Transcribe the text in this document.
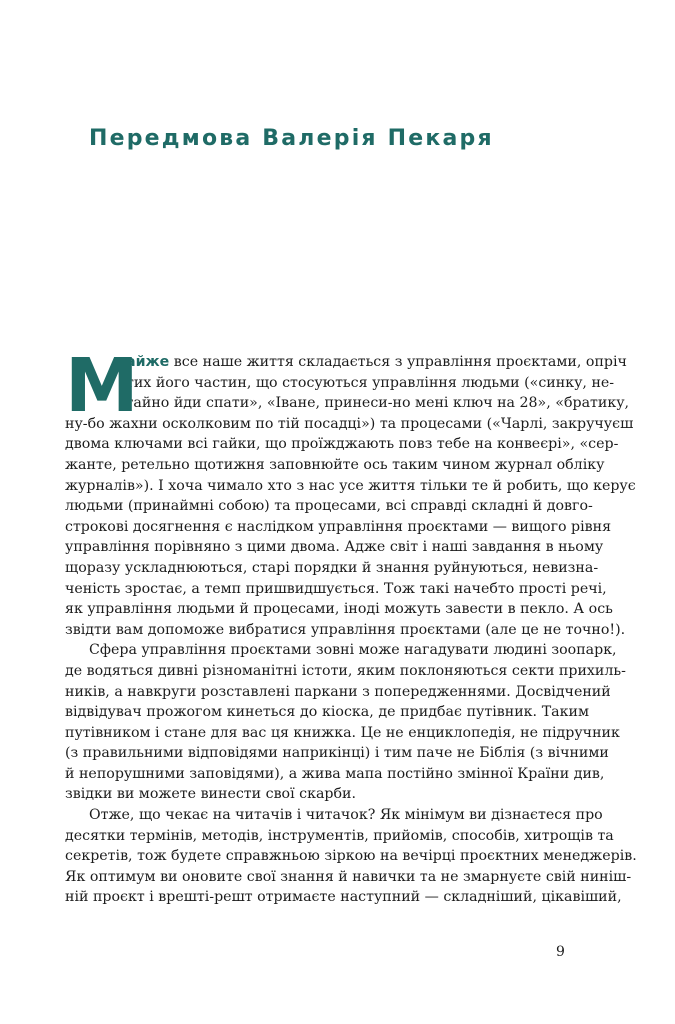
Передмова Валерія Пекаря
М
айже все наше життя складається з управління проєктами, опріч
тих його частин, що стосуються управління людьми («синку, не-
гайно йди спати», «Іване, принеси-но мені ключ на 28», «братику,
ну-бо жахни осколковим по тій посадці») та процесами («Чарлі, закручуєш
двома ключами всі гайки, що проїжджають повз тебе на конвеєрі», «сер-
жанте, ретельно щотижня заповнюйте ось таким чином журнал обліку
журналів»). І хоча чимало хто з нас усе життя тільки те й робить, що керує
людьми (принаймні собою) та процесами, всі справді складні й довго-
строкові досягнення є наслідком управління проєктами — вищого рівня
управління порівняно з цими двома. Адже світ і наші завдання в ньому
щоразу ускладнюються, старі порядки й знання руйнуються, невизна-
ченість зростає, а темп пришвидшується. Тож такі начебто прості речі,
як управління людьми й процесами, іноді можуть завести в пекло. А ось
звідти вам допоможе вибратися управління проєктами (але це не точно!).
Сфера управління проєктами зовні може нагадувати людині зоопарк,
де водяться дивні різноманітні істоти, яким поклоняються секти прихиль-
ників, а навкруги розставлені паркани з попередженнями. Досвідчений
відвідувач прожогом кинеться до кіоска, де придбає путівник. Таким
путівником і стане для вас ця книжка. Це не енциклопедія, не підручник
(з правильними відповідями наприкінці) і тим паче не Біблія (з вічними
й непорушними заповідями), а жива мапа постійно змінної Країни див,
звідки ви можете винести свої скарби.
Отже, що чекає на читачів і читачок? Як мінімум ви дізнаєтеся про
десятки термінів, методів, інструментів, прийомів, способів, хитрощів та
секретів, тож будете справжньою зіркою на вечірці проєктних менеджерів.
Як оптимум ви оновите свої знання й навички та не змарнуєте свій ниніш-
ній проєкт і врешті-решт отримаєте наступний — складніший, цікавіший,
9
